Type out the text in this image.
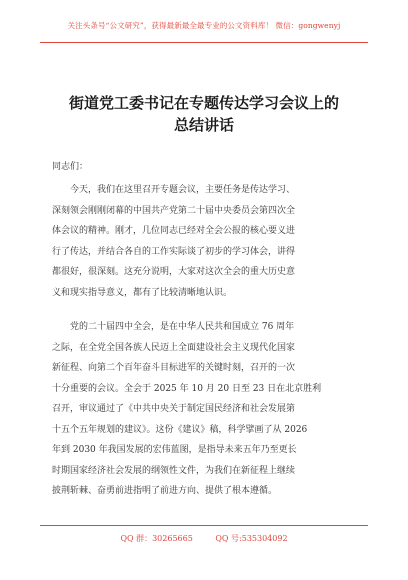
关注头条号“公文研究”，获得最新最全最专业的公文资料库！ 微信：gongwenyj
街道党工委书记在专题传达学习会议上的
总结讲话
同志们：
今天，我们在这里召开专题会议，主要任务是传达学习、
深刻领会刚刚闭幕的中国共产党第二十届中央委员会第四次全
体会议的精神。刚才，几位同志已经对全会公报的核心要义进
行了传达，并结合各自的工作实际谈了初步的学习体会，讲得
都很好，很深刻。这充分说明，大家对这次全会的重大历史意
义和现实指导意义，都有了比较清晰地认识。
党的二十届四中全会，是在中华人民共和国成立 76 周年
之际，在全党全国各族人民迈上全面建设社会主义现代化国家
新征程、向第二个百年奋斗目标进军的关键时刻，召开的一次
十分重要的会议。全会于 2025 年 10 月 20 日至 23 日在北京胜利
召开，审议通过了《中共中央关于制定国民经济和社会发展第
十五个五年规划的建议》。这份《建议》稿，科学擘画了从 2026
年到 2030 年我国发展的宏伟蓝图，是指导未来五年乃至更长
时期国家经济社会发展的纲领性文件，为我们在新征程上继续
披荆斩棘、奋勇前进指明了前进方向、提供了根本遵循。
QQ 群：30265665	QQ 号:535304092
